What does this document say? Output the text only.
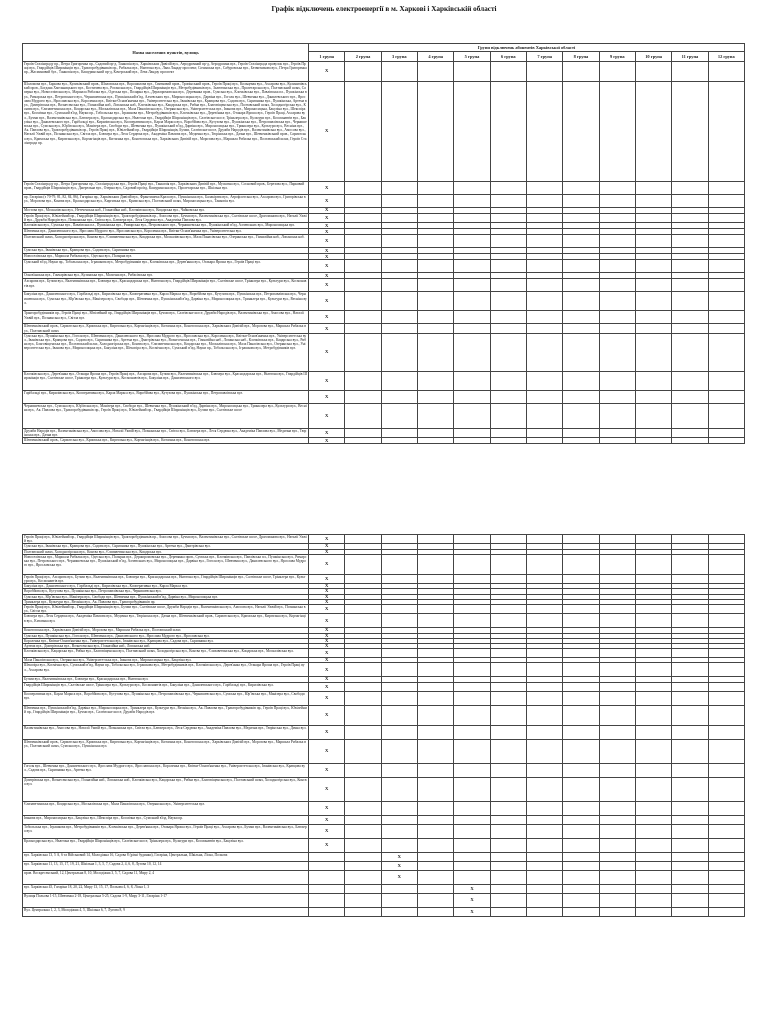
Графік відключень електроенергії в м. Харкові і Харківській області
Назва населених пунктів, вулиць	Групи відключень абонентів Харківської області											
	1 група	2 група	3 група	4 група	5 група	6 група	7 група	8 група	9 група	10 група	11 група	12 група
Героїв Сталінграду пр., Петра Григоренка пр., Садовий пр-д, Танкопія вул., Харківських Дивізій вул., Аеродромний пр-д, Аеродромна вул., Героїв Сталінграда провулок вул., Героїв Праці вул., Гвардійців Широнінців вул., Тракторобудівників пр., Рибалка вул., Ньютона вул., Льва Ландау проспект, Сочинська вул., Сабуровська вул., Безвитязкова вул., Петра Григоренка пр., Жасминовий бул., Танкопія вул., Кашуринський пр-д, Кочерський вул., Лева Ландау проспект	X											
Шоломова вул., Баркова вул., Куликівський пров., Шиловська вул., Ворошилова вул., Святковий пров., Тропінський пров., Героїв Праці вул., Кольцевая вул., Ахсарова вул., Кулиничівський пров., Богдана Хмельницького вул., Костичева вул., Роганська вул., Гвардійців Широнінців вул., Метробудівників вул., Залютинська вул., Пролетарська вул., Полтавський шлях, Саперна вул., Новоселівська вул., Маршала Рибалка вул., Одеська вул., Полярна вул., Держпромовська вул., Деревянка пров., Сумська вул., Клочківська вул., Павлівська пл., Пушкінська вул., Римарська вул., Петровського вул., Чернишевська вул., Пушкінський в'їзд, Алчевських вул., Мироносицька вул., Дарвіна вул., Гоголя вул., Шевченка вул., Данилевського вул., Ярослава Мудрого вул., Ярославська вул., Короленка вул., Квітки-Основ'яненка вул., Університетська вул., Іванівська вул., Кравцова вул., Садова вул., Скрипника вул., Пушкінська, Артема вул., Дмитрівська вул., Вознесенська вул., Гімназійна наб., Лопанська наб., Клочківська вул., Кацарська вул., Рибна вул., Благовіщенська вул., Полтавський шлях, Холодногірська вул., Конєва вул., Єлизаветинська вул., Коцарська вул., Москалівська вул., Мала Панасівська вул., Озерянська вул., Університетська вул., Іванова вул., Мироносицька, Бакуліна вул., Шекспіра вул., Космічна вул., Сумський в'їзд, Науки пр., Тобольська вул., Іграшкова вул., Метробудівників вул., Клочківська вул., Дерев'янка вул., Отакара Яроша вул., Героїв Праці, Ахсарова вул., Бучми вул., Валентинівська вул., Блюхера вул., Краснодарська вул., Ньютона вул., Гвардійців Широнінців вул., Салтівське шосе, Трінклера вул., Культури вул., Космонавтів вул., Бакуліна вул., Данилевського вул., Гарібальді вул., Кирилівська вул., Кооперативна вул., Карла Маркса вул., Воробйова вул., Кутузова вул., Пушкінська вул., Петропавлівська вул., Чернишевська вул., Сумська вул., Юр'ївська вул., Манізера вул., Свободи вул., Шевченка вул., Пушкінський в'їзд, Дарвіна вул., Мироносицька вул., Тринклера вул., Культури вул., Весніна вул., Ак. Павлова вул., Тракторобудівників пр., Героїв Праці вул., Ювілейний пр., Гвардійців Широнінців, Бучми, Салтівське шосе, Дружби Народів вул., Валентинівська вул., Амосова вул., Наталії Ужвій вул., Познанська вул., Світла вул., Блюхера вул., Леся Сердюка вул., Академіка Павлова вул., Медична вул., Тюрінська вул., Дачна вул., Шевченківський пров., Сарматська вул., Кримська вул., Киргизька вул., Корчагінців вул., Китаєнка вул., Конотопська вул., Харківських Дивізій вул., Морозова вул., Маршала Рибалка вул., Полтавський шлях, Героїв Сталінграда пр.	X											
Героїв Сталінграду пр., Петра Григоренка пр., Сталінградська вул., Героїв Праці вул., Танкопія вул., Харківських Дивізій вул., Мускатна вул., Сосновий пров., Березова вул., Парковий пров., Гвардійців Широнінців вул., Джерельна вул., Озерна вул., Садовий проїзд, Кашуринська вул., Пролетарська вул., Шкільна вул.	X											
пр. Гагаріна (з 70-79, 81, 82, 84, 86), Гагаріна пр., Харківських Дивізій вул., Франтишека Крала вул., Пушкінська вул., Балакірєва вул., Аерофлотська вул., Ахсарова вул., Григорівська вул., Морозова вул., Конєва вул., Краснодарська вул., Киргизька вул., Кримська вул., Полтавський шлях, Мироносицька вул., Танкопія вул.	X											
Мостова вул., Москалівська вул., Нетеченська наб., Гімназійна наб., Клочківська вул., Коцарська вул., Чайковська вул.	X											
Героїв Праці вул., Ювілейний пр., Гвардійців Широнінців вул., Тракторобудівників пр., Амосова вул., Бучми вул., Валентинівська вул., Салтівське шосе, Драгоманова вул., Наталії Ужвій вул., Дружби Народів вул., Познанська вул., Світла вул., Блюхера вул., Леся Сердюка вул., Академіка Павлова вул.	X											
Клочківська вул., Сумська вул., Павлівська пл., Пушкінська вул., Римарська вул., Петровського вул., Чернишевська вул., Пушкінський в'їзд, Алчевських вул., Мироносицька вул.	X											
Шевченка вул., Данилевського вул., Ярослава Мудрого вул., Ярославська вул., Короленка вул., Квітки-Основ'яненка вул., Університетська вул.	X											
Полтавський шлях, Холодногірська вул., Конєва вул., Єлизаветинська вул., Коцарська вул., Москалівська вул., Мала Панасівська вул., Озерянська вул., Гімназійна наб., Лопанська наб.	X											
Сумська вул., Іванівська вул., Кравцова вул., Садова вул., Скрипника вул.	X											
Новоселівська вул., Маршала Рибалка вул., Одеська вул., Полярна вул.	X											
Сумський в'їзд, Науки пр., Тобольська вул., Іграшкова вул., Метробудівників вул., Клочківська вул., Дерев'янка вул., Отакара Яроша вул., Героїв Праці вул.	X											
Основ'янська вул., Гончарівська вул., Кузинська вул., Молочна вул., Рибасівська вул.	X											
Ахсарова вул., Бучми вул., Валентинівська вул., Блюхера вул., Краснодарська вул., Ньютона вул., Гвардійців Широнінців вул., Салтівське шосе, Трінклера вул., Культури вул., Космонавтів вул.	X											
Бакуліна вул., Данилевського вул., Гарібальді вул., Кирилівська вул., Кооперативна вул., Карла Маркса вул., Воробйова вул., Кутузова вул., Пушкінська вул., Петропавлівська вул., Чернишевська вул., Сумська вул., Юр'ївська вул., Манізера вул., Свободи вул., Шевченка вул., Пушкінський в'їзд, Дарвіна вул., Мироносицька вул., Тринклера вул., Культури вул., Весніна вул.	X											
Тракторобудівників пр., Героїв Праці вул., Ювілейний пр., Гвардійців Широнінців вул., Бучми вул., Салтівське шосе, Дружби Народів вул., Валентинівська вул., Амосова вул., Наталії Ужвій вул., Познанська вул., Світла вул.	X											
Шевченківський пров., Сарматська вул., Кримська вул., Киргизька вул., Корчагінців вул., Китаєнка вул., Конотопська вул., Харківських Дивізій вул., Морозова вул., Маршала Рибалка вул., Полтавський шлях	X											
Сумська вул., Пушкінська вул., Гоголя вул., Шевченка вул., Данилевського вул., Ярослава Мудрого вул., Ярославська вул., Короленка вул., Квітки-Основ'яненка вул., Університетська вул., Іванівська вул., Кравцова вул., Садова вул., Скрипника вул., Артема вул., Дмитрівська вул., Вознесенська вул., Гімназійна наб., Лопанська наб., Клочківська вул., Кацарська вул., Рибна вул., Благовіщенська вул., Полтавський шлях, Холодногірська вул., Конєва вул., Єлизаветинська вул., Коцарська вул., Москалівська вул., Мала Панасівська вул., Озерянська вул., Університетська вул., Іванова вул., Мироносицька вул., Бакуліна вул., Шекспіра вул., Космічна вул., Сумський в'їзд, Науки пр., Тобольська вул., Іграшкова вул., Метробудівників вул.	X											
Клочківська вул., Дерев'янка вул., Отакара Яроша вул., Героїв Праці вул., Ахсарова вул., Бучми вул., Валентинівська вул., Блюхера вул., Краснодарська вул., Ньютона вул., Гвардійців Широнінців вул., Салтівське шосе, Трінклера вул., Культури вул., Космонавтів вул., Бакуліна вул., Данилевського вул.	X											
Гарібальді вул., Кирилівська вул., Кооперативна вул., Карла Маркса вул., Воробйова вул., Кутузова вул., Пушкінська вул., Петропавлівська вул.	X											
Чернишевська вул., Сумська вул., Юр'ївська вул., Манізера вул., Свободи вул., Шевченка вул., Пушкінський в'їзд, Дарвіна вул., Мироносицька вул., Тринклера вул., Культури вул., Весніна вул., Ак. Павлова вул., Тракторобудівників пр., Героїв Праці вул., Ювілейний пр., Гвардійців Широнінців вул., Бучми вул., Салтівське шосе	X											
Дружби Народів вул., Валентинівська вул., Амосова вул., Наталії Ужвій вул., Познанська вул., Світла вул., Блюхера вул., Леся Сердюка вул., Академіка Павлова вул., Медична вул., Тюрінська вул., Дачна вул.	X											
Шевченківський пров., Сарматська вул., Кримська вул., Киргизька вул., Корчагінців вул., Китаєнка вул., Конотопська вул.	X											
Героїв Праці вул., Ювілейний пр., Гвардійців Широнінців вул., Тракторобудівників пр., Амосова вул., Бучми вул., Валентинівська вул., Салтівське шосе, Драгоманова вул., Наталії Ужвій вул.	X											
Сумська вул., Іванівська вул., Кравцова вул., Садова вул., Скрипника вул., Пушкінська вул., Артема вул., Дмитрівська вул.	X											
Полтавський шлях, Холодногірська вул., Конєва вул., Єлизаветинська вул., Коцарська вул.	X											
Новоселівська вул., Маршала Рибалка вул., Одеська вул., Полярна вул., Держпромовська вул., Деревянка пров., Сумська вул., Клочківська вул., Павлівська пл., Пушкінська вул., Римарська вул., Петровського вул., Чернишевська вул., Пушкінський в'їзд, Алчевських вул., Мироносицька вул., Дарвіна вул., Гоголя вул., Шевченка вул., Данилевського вул., Ярослава Мудрого вул., Ярославська вул.	X											
Героїв Праці вул., Ахсарова вул., Бучми вул., Валентинівська вул., Блюхера вул., Краснодарська вул., Ньютона вул., Гвардійців Широнінців вул., Салтівське шосе, Трінклера вул., Культури вул., Космонавтів вул.	X											
Бакуліна вул., Данилевського вул., Гарібальді вул., Кирилівська вул., Кооперативна вул., Карла Маркса вул.	X											
Воробйова вул., Кутузова вул., Пушкінська вул., Петропавлівська вул., Чернишевська вул.	X											
Сумська вул., Юр'ївська вул., Манізера вул., Свободи вул., Шевченка вул., Пушкінський в'їзд, Дарвіна вул., Мироносицька вул.	X											
Тринклера вул., Культури вул., Весніна вул., Ак. Павлова вул., Тракторобудівників пр.	X											
Героїв Праці вул., Ювілейний пр., Гвардійців Широнінців вул., Бучми вул., Салтівське шосе, Дружби Народів вул., Валентинівська вул., Амосова вул., Наталії Ужвій вул., Познанська вул., Світла вул.	X											
Блюхера вул., Леся Сердюка вул., Академіка Павлова вул., Медична вул., Тюрінська вул., Дачна вул., Шевченківський пров., Сарматська вул., Кримська вул., Киргизька вул., Корчагінців вул., Китаєнка вул.	X											
Конотопська вул., Харківських Дивізій вул., Морозова вул., Маршала Рибалка вул., Полтавський шлях	X											
Сумська вул., Пушкінська вул., Гоголя вул., Шевченка вул., Данилевського вул., Ярослава Мудрого вул., Ярославська вул.	X											
Короленка вул., Квітки-Основ'яненка вул., Університетська вул., Іванівська вул., Кравцова вул., Садова вул., Скрипника вул.	X											
Артема вул., Дмитрівська вул., Вознесенська вул., Гімназійна наб., Лопанська наб.	X											
Клочківська вул., Кацарська вул., Рибна вул., Благовіщенська вул., Полтавський шлях, Холодногірська вул., Конєва вул., Єлизаветинська вул., Коцарська вул., Москалівська вул.	X											
Мала Панасівська вул., Озерянська вул., Університетська вул., Іванова вул., Мироносицька вул., Бакуліна вул.	X											
Шекспіра вул., Космічна вул., Сумський в'їзд, Науки пр., Тобольська вул., Іграшкова вул., Метробудівників вул., Клочківська вул., Дерев'янка вул., Отакара Яроша вул., Героїв Праці вул., Ахсарова вул.	X											
Бучми вул., Валентинівська вул., Блюхера вул., Краснодарська вул., Ньютона вул.	X											
Гвардійців Широнінців вул., Салтівське шосе, Трінклера вул., Культури вул., Космонавтів вул., Бакуліна вул., Данилевського вул., Гарібальді вул., Кирилівська вул.	X											
Кооперативна вул., Карла Маркса вул., Воробйова вул., Кутузова вул., Пушкінська вул., Петропавлівська вул., Чернишевська вул., Сумська вул., Юр'ївська вул., Манізера вул., Свободи вул.	X											
Шевченка вул., Пушкінський в'їзд, Дарвіна вул., Мироносицька вул., Тринклера вул., Культури вул., Весніна вул., Ак. Павлова вул., Тракторобудівників пр., Героїв Праці вул., Ювілейний пр., Гвардійців Широнінців вул., Бучми вул., Салтівське шосе, Дружби Народів вул.	X											
Валентинівська вул., Амосова вул., Наталії Ужвій вул., Познанська вул., Світла вул., Блюхера вул., Леся Сердюка вул., Академіка Павлова вул., Медична вул., Тюрінська вул., Дачна вул.	X											
Шевченківський пров., Сарматська вул., Кримська вул., Киргизька вул., Корчагінців вул., Китаєнка вул., Конотопська вул., Харківських Дивізій вул., Морозова вул., Маршала Рибалка вул., Полтавський шлях, Сумська вул., Пушкінська вул.	X											
Гоголя вул., Шевченка вул., Данилевського вул., Ярослава Мудрого вул., Ярославська вул., Короленка вул., Квітки-Основ'яненка вул., Університетська вул., Іванівська вул., Кравцова вул., Садова вул., Скрипника вул., Артема вул.	X											
Дмитрівська вул., Вознесенська вул., Гімназійна наб., Лопанська наб., Клочківська вул., Кацарська вул., Рибна вул., Благовіщенська вул., Полтавський шлях, Холодногірська вул., Конєва вул.	X											
Єлизаветинська вул., Коцарська вул., Москалівська вул., Мала Панасівська вул., Озерянська вул., Університетська вул.	X											
Іванова вул., Мироносицька вул., Бакуліна вул., Шекспіра вул., Космічна вул., Сумський в'їзд, Науки пр.	X											
Тобольська вул., Іграшкова вул., Метробудівників вул., Клочківська вул., Дерев'янка вул., Отакара Яроша вул., Героїв Праці вул., Ахсарова вул., Бучми вул., Валентинівська вул., Блюхера вул.	X											
Краснодарська вул., Ньютона вул., Гвардійців Широнінців вул., Салтівське шосе, Трінклера вул., Культури вул., Космонавтів вул., Бакуліна вул.	X											
вул. Харківська 13, 5 А, 6 та Військовий 14, Молодіжна 16, Садова 8 (різні будинки), Гагаріна, Центральна, Шкільна, Лісна, Польова			X									
вул. Харківська 11, 13, 15, 17, 19, 21, Шкільна 1, 3, 5, 7, Садова 2, 4, 6, 8, Лугова 10, 12, 14			X									
пров. Воскресенський, 12, Центральна 8, 10, Молодіжна 3, 5, 7, Садова 11, Миру 2, 4			X									
вул. Харківська 45, Гагаріна 18, 20, 22, Миру 13, 15, 17, Польова 4, 6, 8, Лісна 1, 3					X							
Вулиця Польова 1-15, Шевченка 2-18, Центральна 5-25, Садова 1-9, Миру 3-11, Гагаріна 1-17					X							
Вул. Центральна 1, 2, 3, Молодіжна 4, 5, Шкільна 6, 7, Лугова 8, 9					X							
